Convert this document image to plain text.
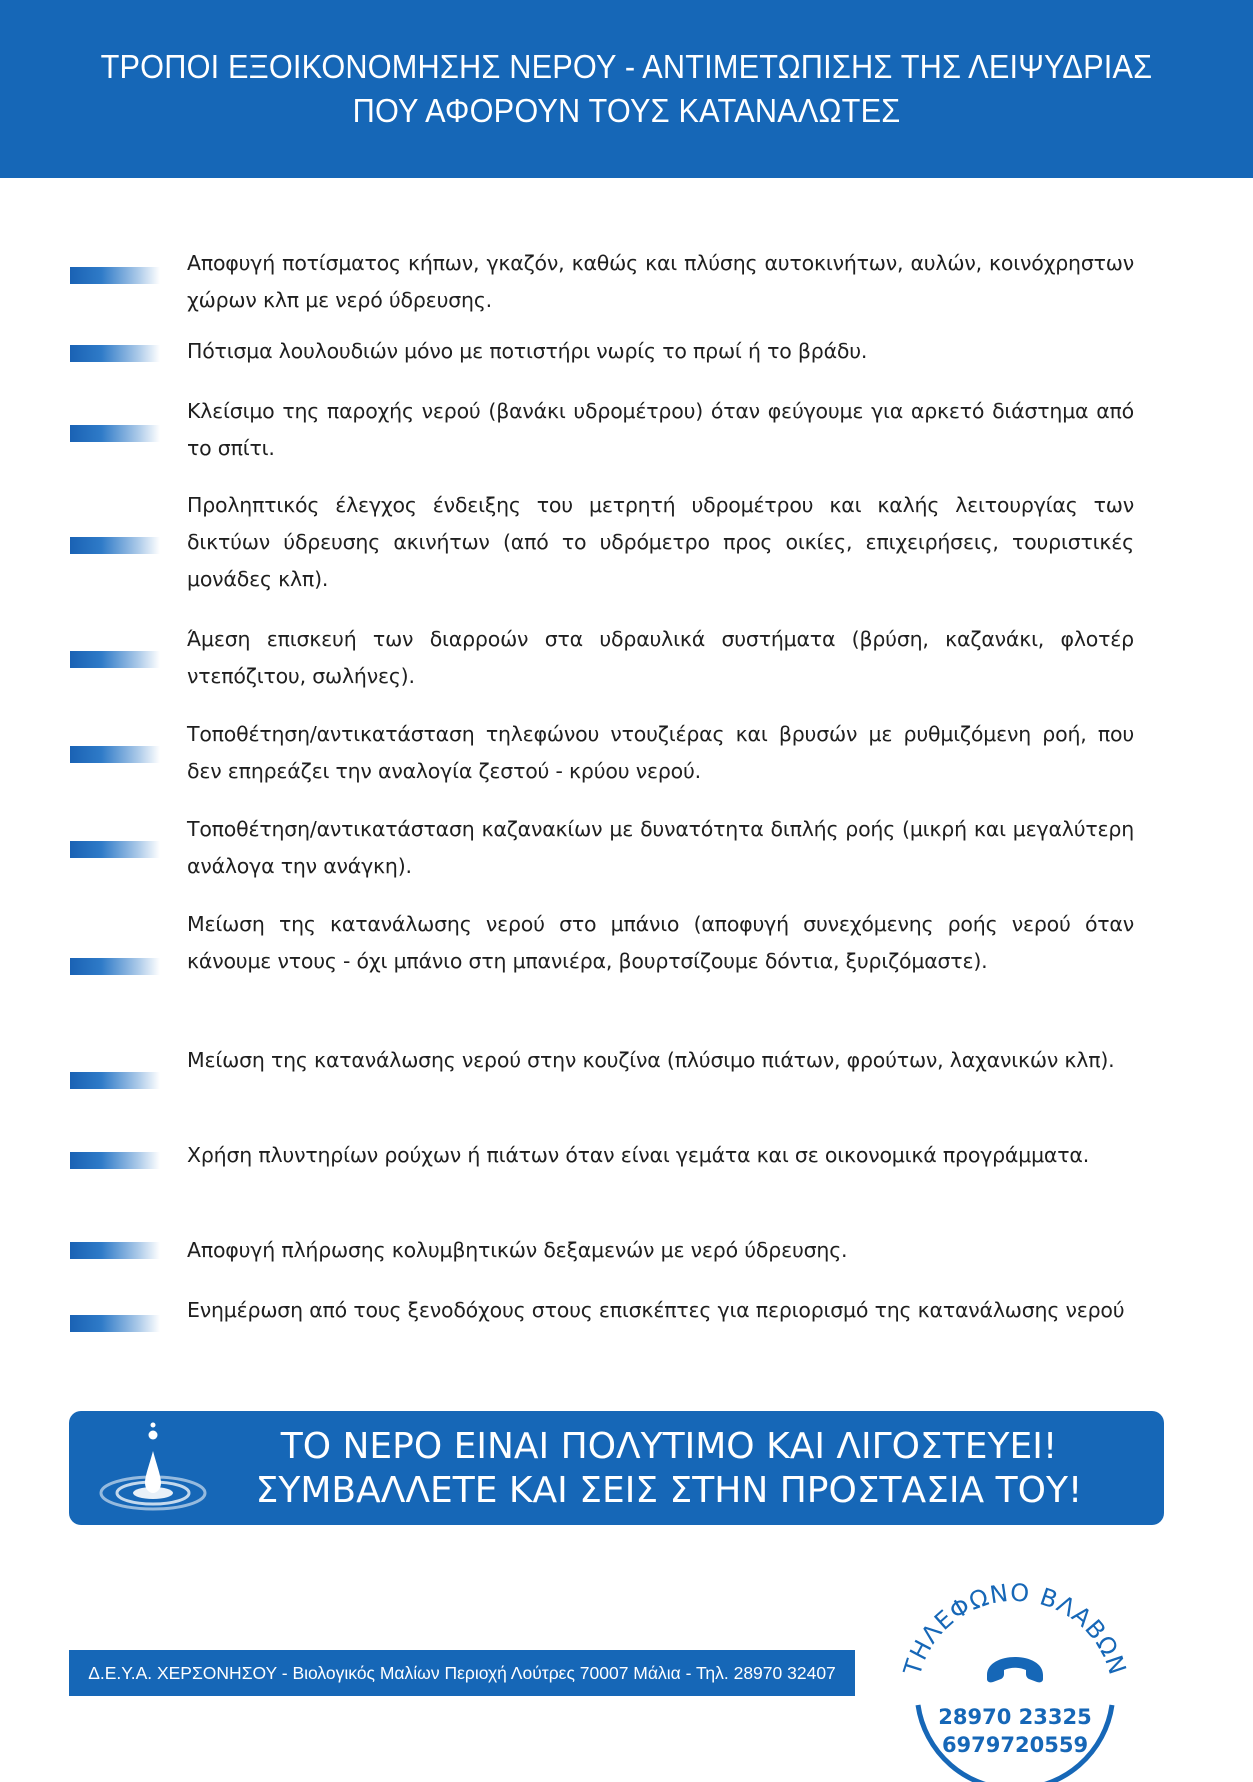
ΤΡΟΠΟΙ ΕΞΟΙΚΟΝΟΜΗΣΗΣ ΝΕΡΟΥ - ΑΝΤΙΜΕΤΩΠΙΣΗΣ ΤΗΣ ΛΕΙΨΥΔΡΙΑΣ
ΠΟΥ ΑΦΟΡΟΥΝ ΤΟΥΣ ΚΑΤΑΝΑΛΩΤΕΣ
Αποφυγή ποτίσματος κήπων, γκαζόν, καθώς και πλύσης αυτοκινήτων, αυλών, κοινόχρηστων χώρων κλπ με νερό ύδρευσης.
Πότισμα λουλουδιών μόνο με ποτιστήρι νωρίς το πρωί ή το βράδυ.
Κλείσιμο της παροχής νερού (βανάκι υδρομέτρου) όταν φεύγουμε για αρκετό διάστημα από το σπίτι.
Προληπτικός έλεγχος ένδειξης του μετρητή υδρομέτρου και καλής λειτουργίας των δικτύων ύδρευσης ακινήτων (από το υδρόμετρο προς οικίες, επιχειρήσεις, τουριστικές μονάδες κλπ).
Άμεση επισκευή των διαρροών στα υδραυλικά συστήματα (βρύση, καζανάκι, φλοτέρ ντεπόζιτου, σωλήνες).
Τοποθέτηση/αντικατάσταση τηλεφώνου ντουζιέρας και βρυσών με ρυθμιζόμενη ροή, που δεν επηρεάζει την αναλογία ζεστού - κρύου νερού.
Τοποθέτηση/αντικατάσταση καζανακίων με δυνατότητα διπλής ροής (μικρή και μεγαλύτερη ανάλογα την ανάγκη).
Μείωση της κατανάλωσης νερού στο μπάνιο (αποφυγή συνεχόμενης ροής νερού όταν κάνουμε ντους - όχι μπάνιο στη μπανιέρα, βουρτσίζουμε δόντια, ξυριζόμαστε).
Μείωση της κατανάλωσης νερού στην κουζίνα (πλύσιμο πιάτων, φρούτων, λαχανικών κλπ).
Χρήση πλυντηρίων ρούχων ή πιάτων όταν είναι γεμάτα και σε οικονομικά προγράμματα.
Αποφυγή πλήρωσης κολυμβητικών δεξαμενών με νερό ύδρευσης.
Ενημέρωση από τους ξενοδόχους στους επισκέπτες για περιορισμό της κατανάλωσης νερού
ΤΟ ΝΕΡΟ ΕΙΝΑΙ ΠΟΛΥΤΙΜΟ ΚΑΙ ΛΙΓΟΣΤΕΥΕΙ!
ΣΥΜΒΑΛΛΕΤΕ ΚΑΙ ΣΕΙΣ ΣΤΗΝ ΠΡΟΣΤΑΣΙΑ ΤΟΥ!
Δ.Ε.Υ.Α. ΧΕΡΣΟΝΗΣΟΥ - Βιολογικός Μαλίων Περιοχή Λούτρες 70007 Μάλια - Τηλ. 28970 32407	ΤΗΛΕΦΩΝΟ ΒΛΑΒΩΝ
28970 23325
6979720559
